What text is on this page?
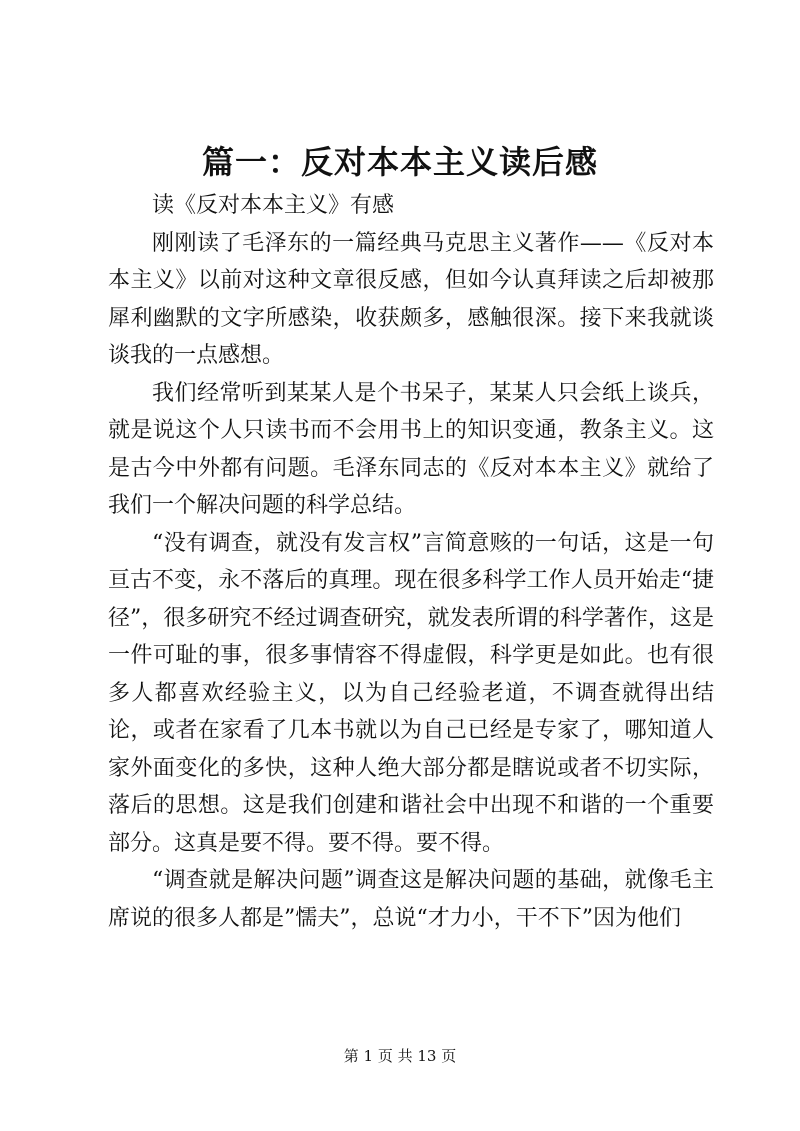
篇一：反对本本主义读后感

读《反对本本主义》有感

刚刚读了毛泽东的一篇经典马克思主义著作——《反对本本主义》以前对这种文章很反感，但如今认真拜读之后却被那犀利幽默的文字所感染，收获颇多，感触很深。接下来我就谈谈我的一点感想。

我们经常听到某某人是个书呆子，某某人只会纸上谈兵，就是说这个人只读书而不会用书上的知识变通，教条主义。这是古今中外都有问题。毛泽东同志的《反对本本主义》就给了我们一个解决问题的科学总结。

“没有调查，就没有发言权”言简意赅的一句话，这是一句亘古不变，永不落后的真理。现在很多科学工作人员开始走“捷径”，很多研究不经过调查研究，就发表所谓的科学著作，这是一件可耻的事，很多事情容不得虚假，科学更是如此。也有很多人都喜欢经验主义，以为自己经验老道，不调查就得出结论，或者在家看了几本书就以为自己已经是专家了，哪知道人家外面变化的多快，这种人绝大部分都是瞎说或者不切实际，落后的思想。这是我们创建和谐社会中出现不和谐的一个重要部分。这真是要不得。要不得。要不得。

“调查就是解决问题”调查这是解决问题的基础，就像毛主席说的很多人都是”懦夫”，总说“才力小，干不下”因为他们

第 1 页 共 13 页
